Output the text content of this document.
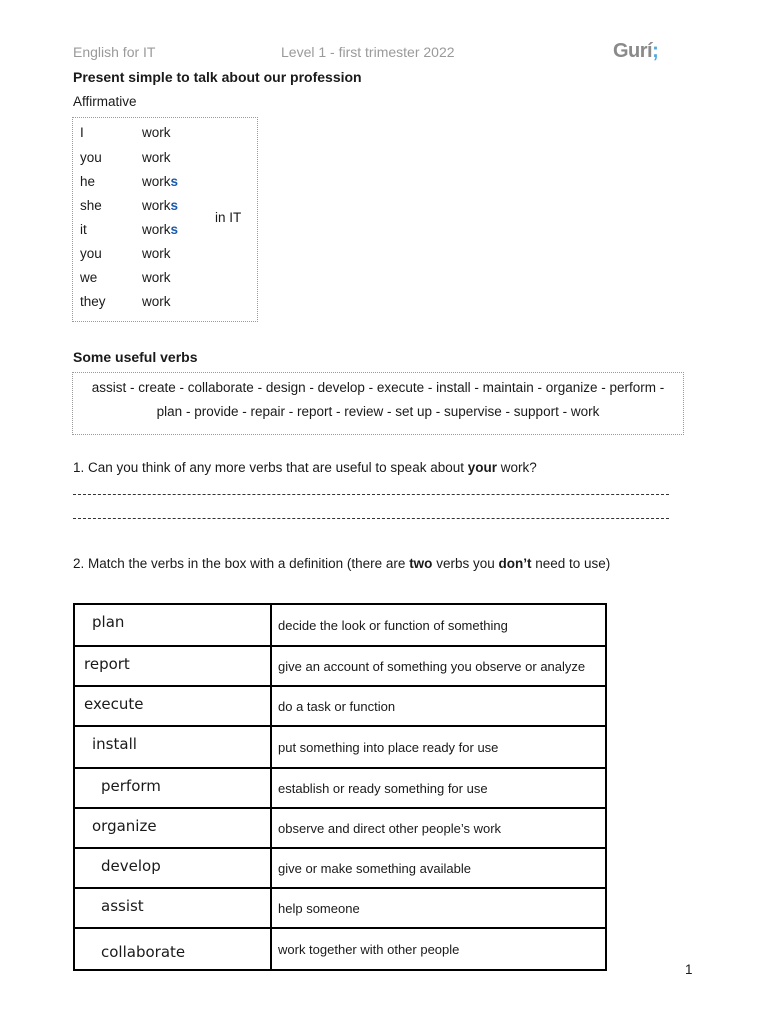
English for IT	Level 1 - first trimester 2022	Gurí;
Present simple to talk about our profession
Affirmative
I	work
you	work
he	works
she	works
it	works
you	work
we	work
they	work
in IT
Some useful verbs
assist - create - collaborate - design - develop - execute - install - maintain - organize - perform -
plan - provide - repair - report - review - set up - supervise - support - work
1. Can you think of any more verbs that are useful to speak about your work?
2. Match the verbs in the box with a definition (there are two verbs you don’t need to use)
plan	decide the look or function of something
report	give an account of something you observe or analyze
execute	do a task or function
install	put something into place ready for use
perform	establish or ready something for use
organize	observe and direct other people’s work
develop	give or make something available
assist	help someone
collaborate	work together with other people
1
